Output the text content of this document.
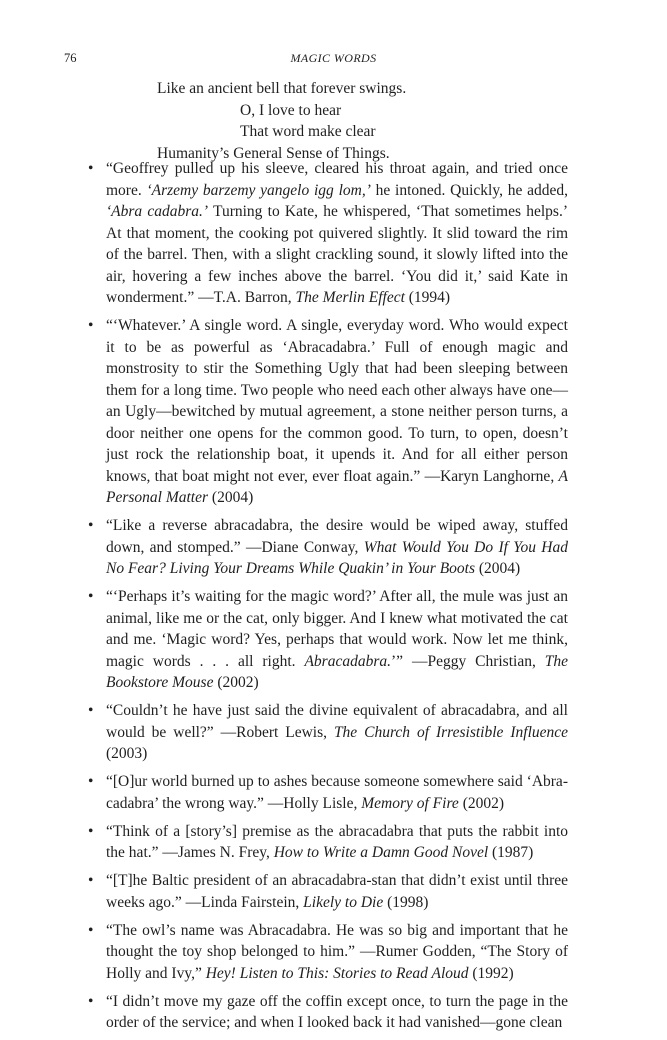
76	MAGIC WORDS
Like an ancient bell that forever swings.
O, I love to hear
That word make clear
Humanity’s General Sense of Things.
• “Geoffrey pulled up his sleeve, cleared his throat again, and tried once more. ‘Arzemy barzemy yangelo igg lom,’ he intoned. Quickly, he added, ‘Abra cadabra.’ Turning to Kate, he whispered, ‘That sometimes helps.’ At that moment, the cooking pot quivered slightly. It slid toward the rim of the barrel. Then, with a slight crackling sound, it slowly lifted into the air, hovering a few inches above the barrel. ‘You did it,’ said Kate in wonderment.” —T.A. Barron, The Merlin Effect (1994)
• “‘Whatever.’ A single word. A single, everyday word. Who would expect it to be as powerful as ‘Abracadabra.’ Full of enough magic and monstrosity to stir the Something Ugly that had been sleeping between them for a long time. Two people who need each other always have one—an Ugly—bewitched by mutual agreement, a stone neither person turns, a door neither one opens for the common good. To turn, to open, doesn’t just rock the relationship boat, it upends it. And for all either person knows, that boat might not ever, ever float again.” —Karyn Langhorne, A Personal Matter (2004)
• “Like a reverse abracadabra, the desire would be wiped away, stuffed down, and stomped.” —Diane Conway, What Would You Do If You Had No Fear? Living Your Dreams While Quakin’ in Your Boots (2004)
• “‘Perhaps it’s waiting for the magic word?’ After all, the mule was just an animal, like me or the cat, only bigger. And I knew what motivated the cat and me. ‘Magic word? Yes, perhaps that would work. Now let me think, magic words . . . all right. Abracadabra.’” —Peggy Christian, The Bookstore Mouse (2002)
• “Couldn’t he have just said the divine equivalent of abracadabra, and all would be well?” —Robert Lewis, The Church of Irresistible Influence (2003)
• “[O]ur world burned up to ashes because someone somewhere said ‘Abracadabra’ the wrong way.” —Holly Lisle, Memory of Fire (2002)
• “Think of a [story’s] premise as the abracadabra that puts the rabbit into the hat.” —James N. Frey, How to Write a Damn Good Novel (1987)
• “[T]he Baltic president of an abracadabra-stan that didn’t exist until three weeks ago.” —Linda Fairstein, Likely to Die (1998)
• “The owl’s name was Abracadabra. He was so big and important that he thought the toy shop belonged to him.” —Rumer Godden, “The Story of Holly and Ivy,” Hey! Listen to This: Stories to Read Aloud (1992)
• “I didn’t move my gaze off the coffin except once, to turn the page in the order of the service; and when I looked back it had vanished—gone clean
